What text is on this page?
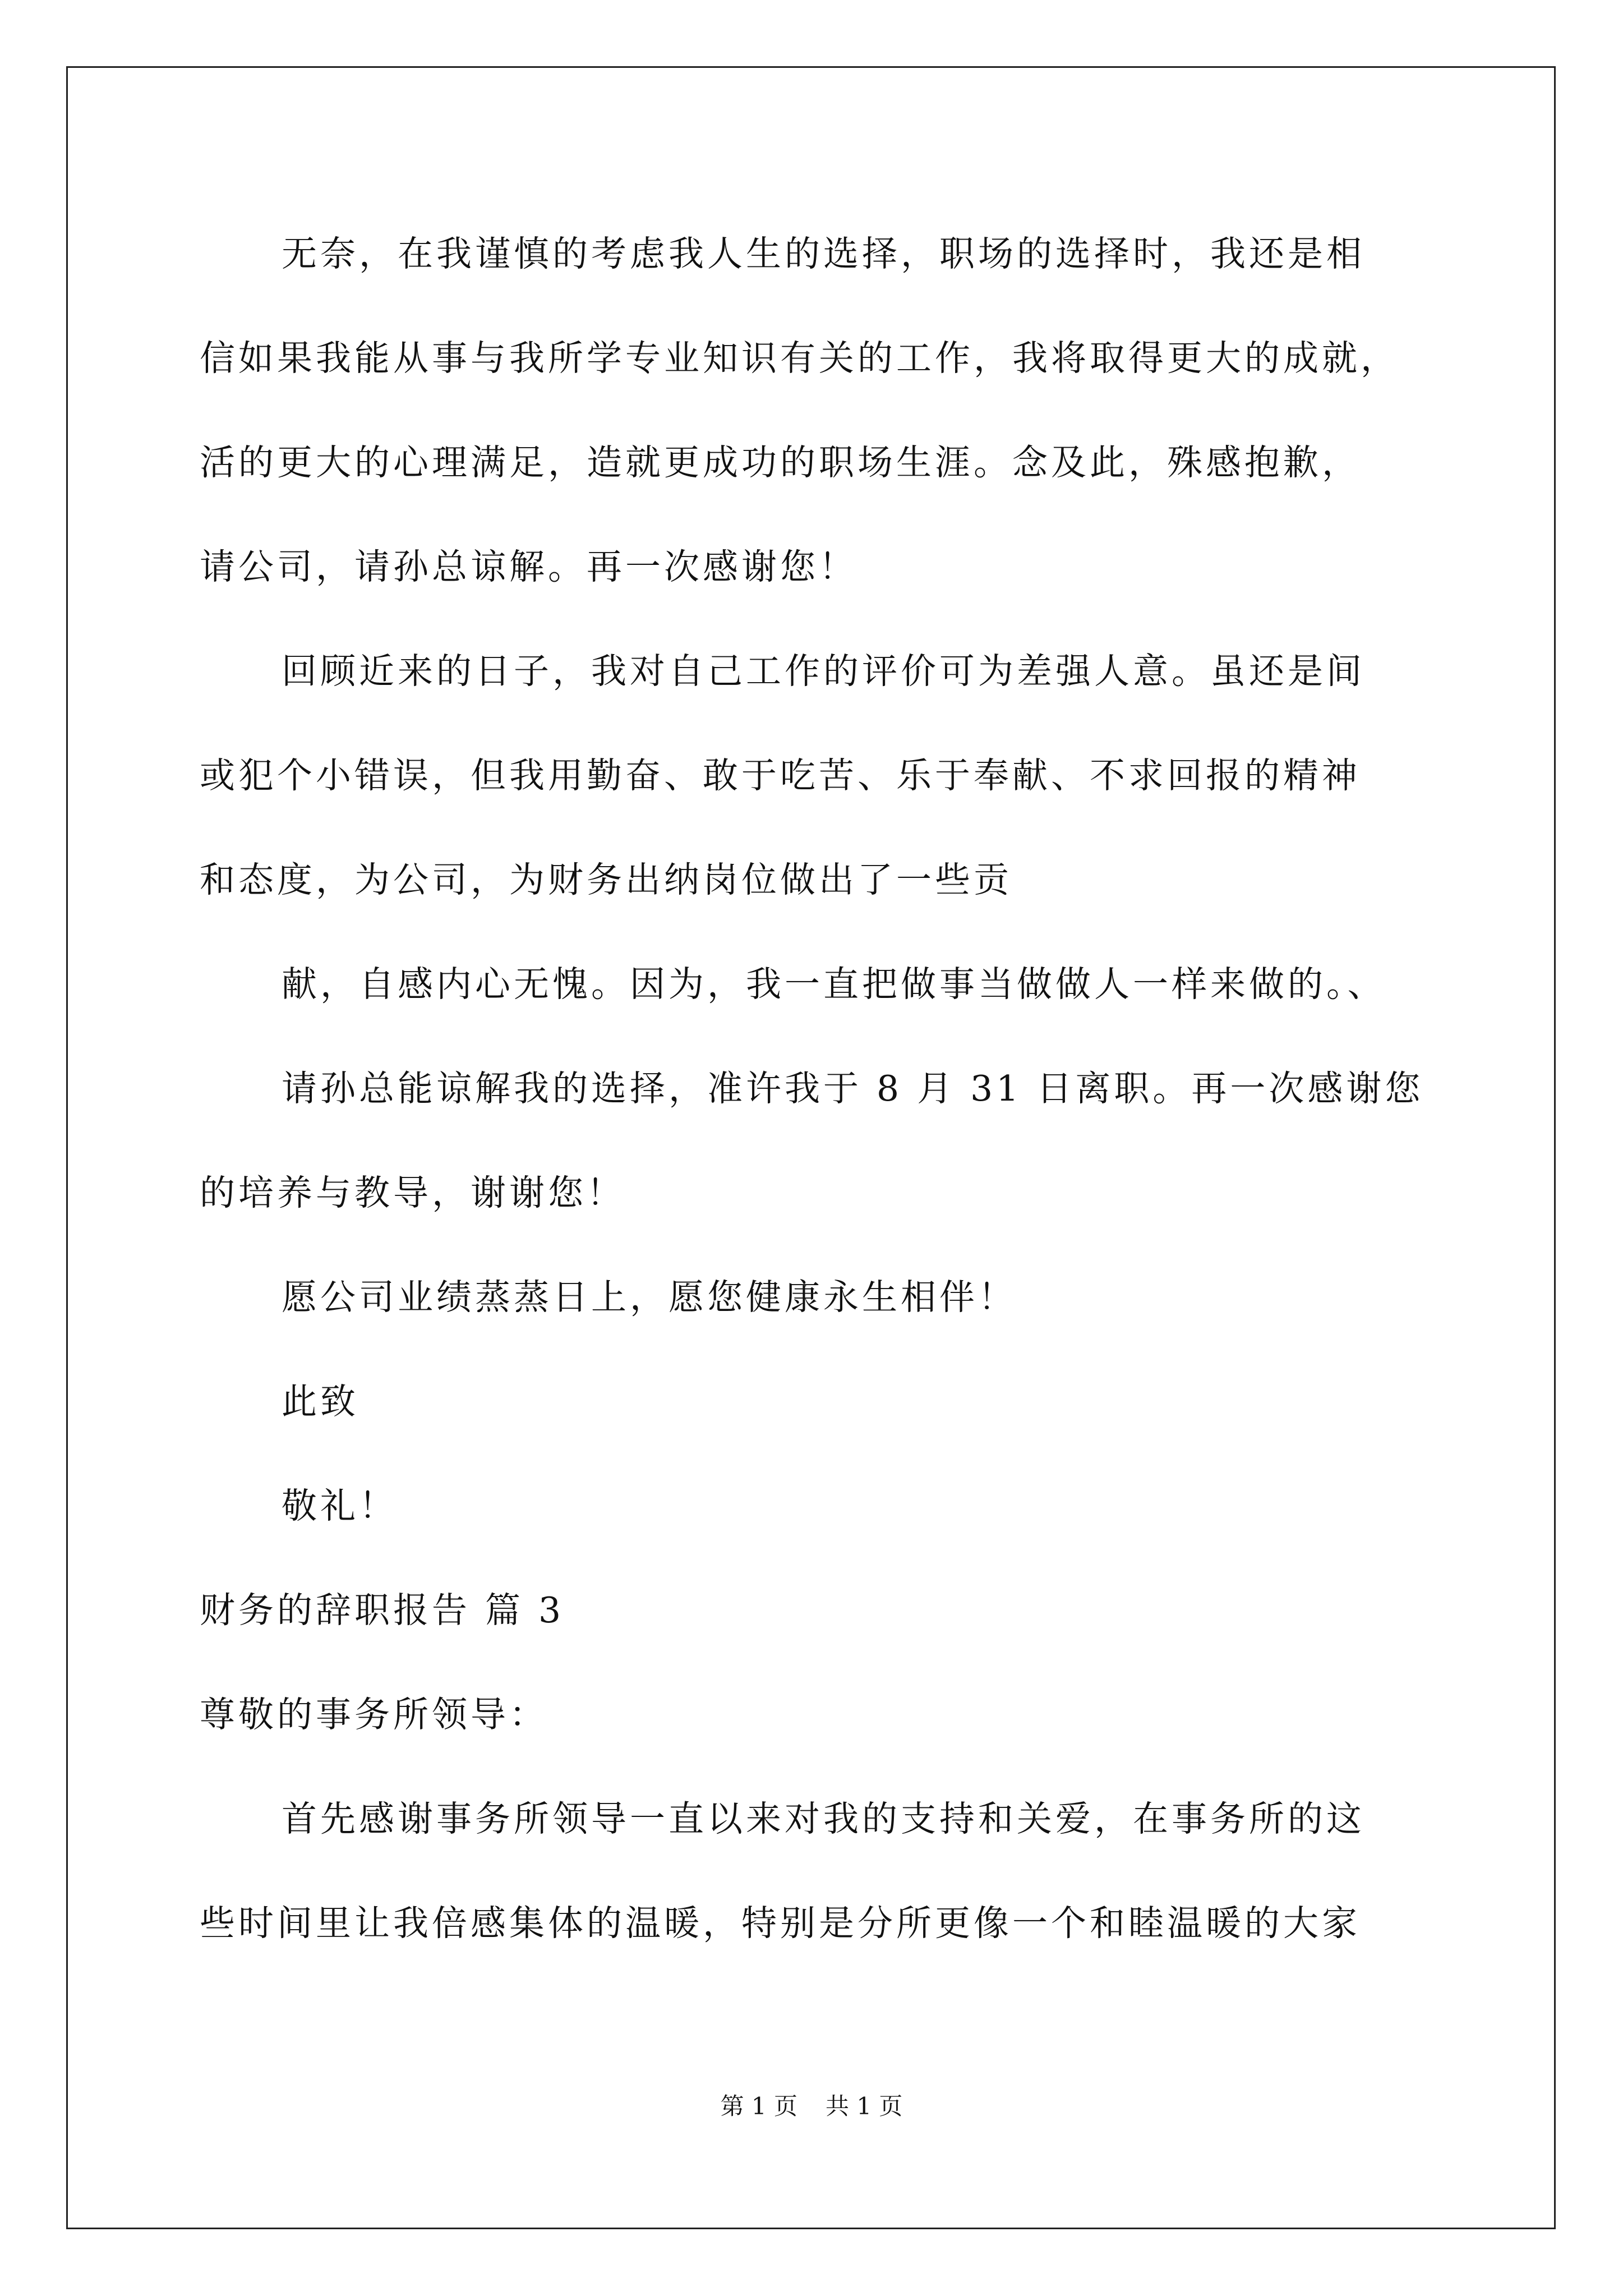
无奈，在我谨慎的考虑我人生的选择，职场的选择时，我还是相
信如果我能从事与我所学专业知识有关的工作，我将取得更大的成就，
活的更大的心理满足，造就更成功的职场生涯。念及此，殊感抱歉，
请公司，请孙总谅解。再一次感谢您！
回顾近来的日子，我对自己工作的评价可为差强人意。虽还是间
或犯个小错误，但我用勤奋、敢于吃苦、乐于奉献、不求回报的精神
和态度，为公司，为财务出纳岗位做出了一些贡
献，自感内心无愧。因为，我一直把做事当做做人一样来做的。、
请孙总能谅解我的选择，准许我于 8 月 31 日离职。再一次感谢您
的培养与教导，谢谢您！
愿公司业绩蒸蒸日上，愿您健康永生相伴！
此致
敬礼！
财务的辞职报告 篇 3
尊敬的事务所领导：
首先感谢事务所领导一直以来对我的支持和关爱，在事务所的这
些时间里让我倍感集体的温暖，特别是分所更像一个和睦温暖的大家
第 1 页 共 1 页
